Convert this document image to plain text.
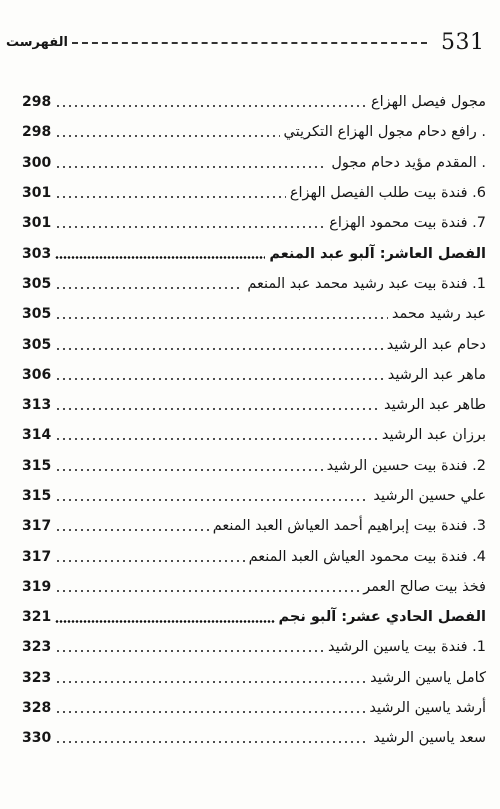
531
الفهرست
مجول فيصل الهزاع
298
. رافع دحام مجول الهزاع التكريتي
298
. المقدم مؤيد دحام مجول
300
6. فندة بيت طلب الفيصل الهزاع
301
7. فندة بيت محمود الهزاع
301
الفصل العاشر: آلبو عبد المنعم
303
1. فندة بيت عبد رشيد محمد عبد المنعم
305
عبد رشيد محمد
305
دحام عبد الرشيد
305
ماهر عبد الرشيد
306
طاهر عبد الرشيد
313
برزان عبد الرشيد
314
2. فندة بيت حسين الرشيد
315
علي حسين الرشيد
315
3. فندة بيت إبراهيم أحمد العياش العبد المنعم
317
4. فندة بيت محمود العياش العبد المنعم
317
فخذ بيت صالح العمر
319
الفصل الحادي عشر: آلبو نجم
321
1. فندة بيت ياسين الرشيد
323
كامل ياسين الرشيد
323
أرشد ياسين الرشيد
328
سعد ياسين الرشيد
330
